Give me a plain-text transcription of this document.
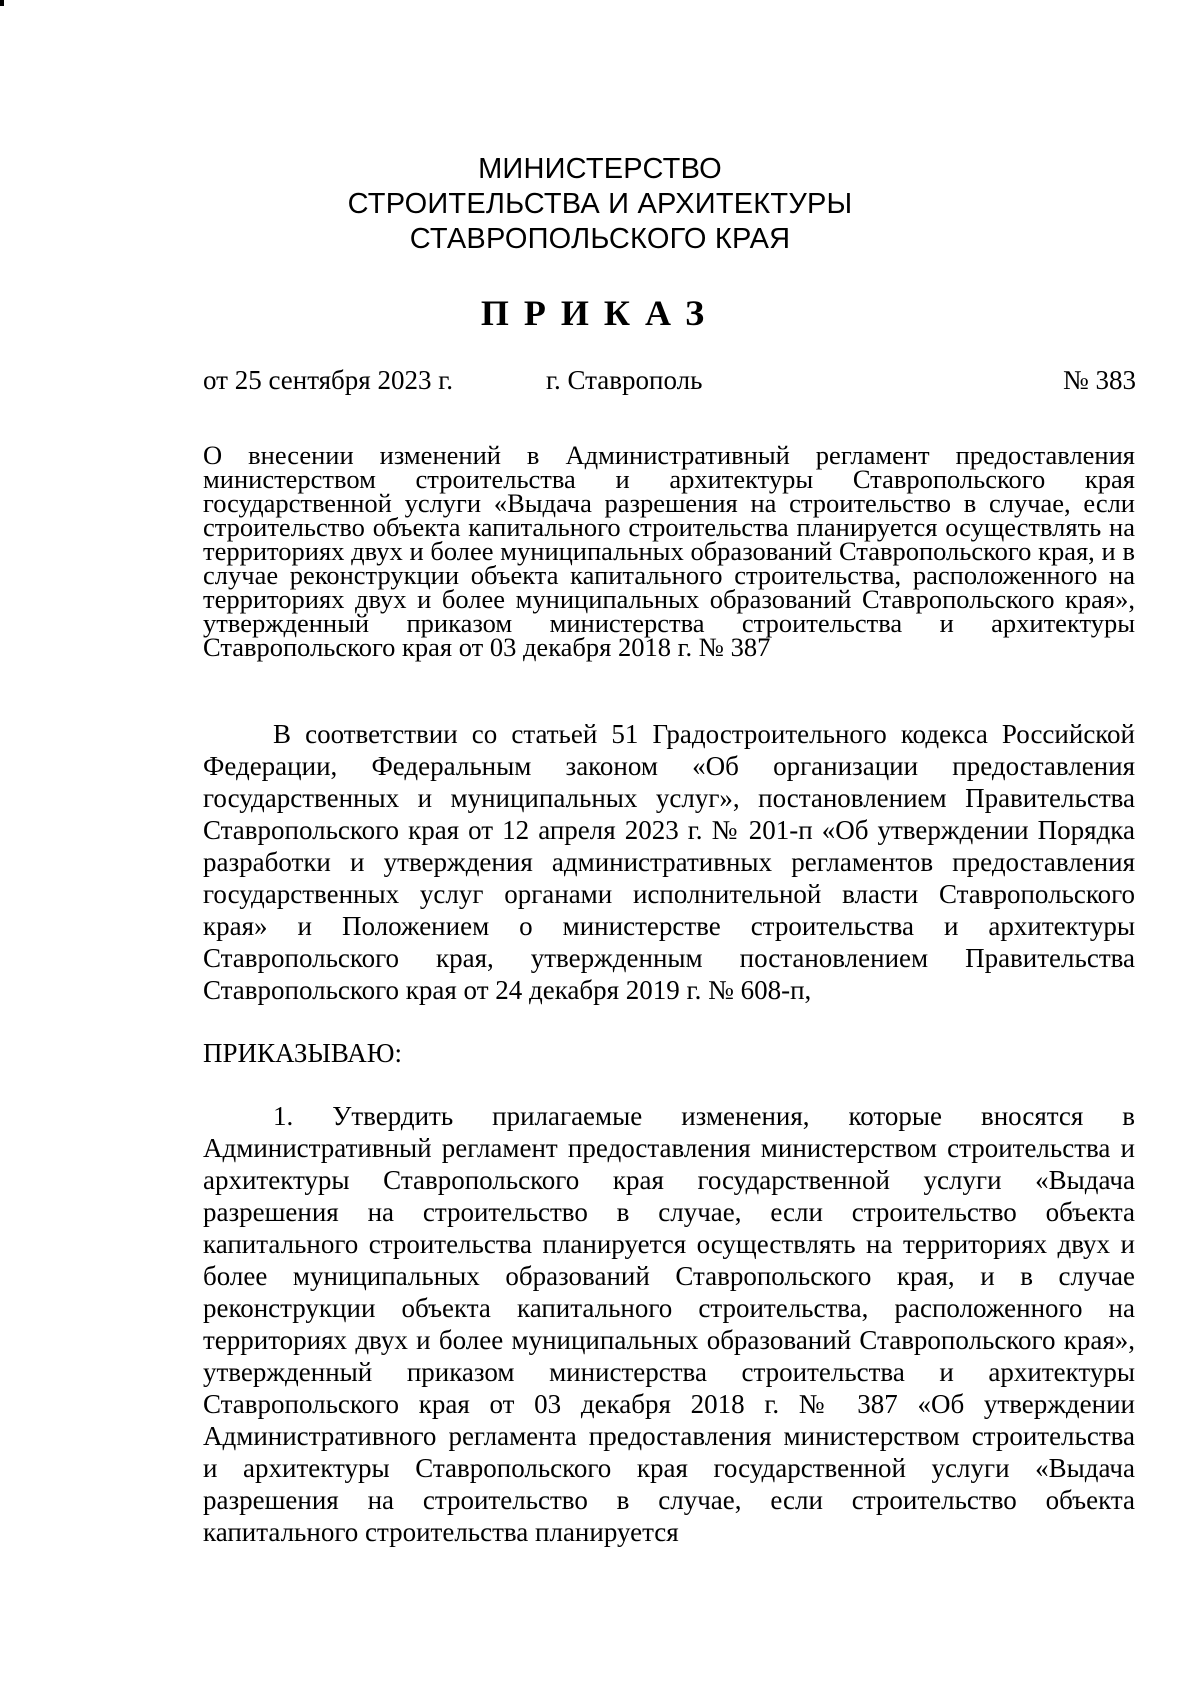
МИНИСТЕРСТВО
СТРОИТЕЛЬСТВА И АРХИТЕКТУРЫ
СТАВРОПОЛЬСКОГО КРАЯ
ПРИКАЗ
от 25 сентября 2023 г.	г. Ставрополь	№ 383
О внесении изменений в Административный регламент предоставления министерством строительства и архитектуры Ставропольского края государственной услуги «Выдача разрешения на строительство в случае, если строительство объекта капитального строительства планируется осуществлять на территориях двух и более муниципальных образований Ставропольского края, и в случае реконструкции объекта капитального строительства, расположенного на территориях двух и более муниципальных образований Ставропольского края», утвержденный приказом министерства строительства и архитектуры Ставропольского края от 03 декабря 2018 г. № 387

В соответствии со статьей 51 Градостроительного кодекса Российской Федерации, Федеральным законом «Об организации предоставления государственных и муниципальных услуг», постановлением Правительства Ставропольского края от 12 апреля 2023 г. № 201-п «Об утверждении Порядка разработки и утверждения административных регламентов предоставления государственных услуг органами исполнительной власти Ставропольского края» и Положением о министерстве строительства и архитектуры Ставропольского края, утвержденным постановлением Правительства Ставропольского края от 24 декабря 2019 г. № 608-п,

ПРИКАЗЫВАЮ:

1. Утвердить прилагаемые изменения, которые вносятся в Административный регламент предоставления министерством строительства и архитектуры Ставропольского края государственной услуги «Выдача разрешения на строительство в случае, если строительство объекта капитального строительства планируется осуществлять на территориях двух и более муниципальных образований Ставропольского края, и в случае реконструкции объекта капитального строительства, расположенного на территориях двух и более муниципальных образований Ставропольского края», утвержденный приказом министерства строительства и архитектуры Ставропольского края от 03 декабря 2018 г. № 387 «Об утверждении Административного регламента предоставления министерством строительства и архитектуры Ставропольского края государственной услуги «Выдача разрешения на строительство в случае, если строительство объекта капитального строительства планируется
